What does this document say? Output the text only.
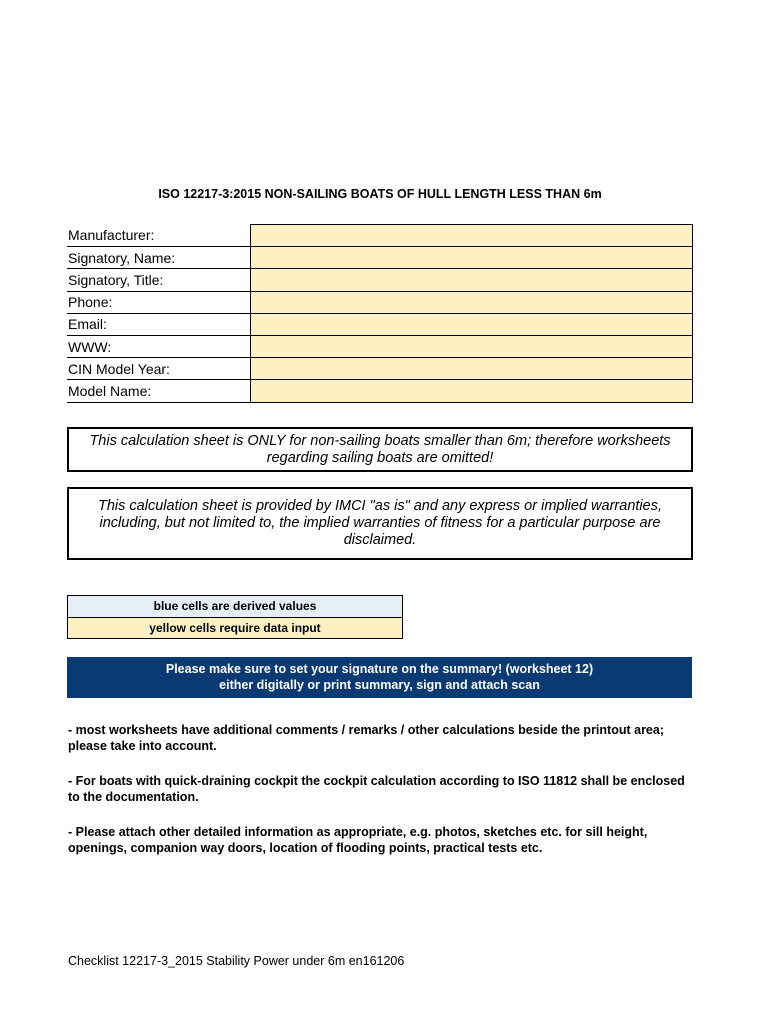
ISO 12217-3:2015 NON-SAILING BOATS OF HULL LENGTH LESS THAN 6m
Manufacturer:	
Signatory, Name:	
Signatory, Title:	
Phone:	
Email:	
WWW:	
CIN Model Year:	
Model Name:	
This calculation sheet is ONLY for non-sailing boats smaller than 6m; therefore worksheets regarding sailing boats are omitted!
This calculation sheet is provided by IMCI "as is" and any express or implied warranties, including, but not limited to, the implied warranties of fitness for a particular purpose are disclaimed.
blue cells are derived values
yellow cells require data input
Please make sure to set your signature on the summary! (worksheet 12)
either digitally or print summary, sign and attach scan
- most worksheets have additional comments / remarks / other calculations beside the printout area; please take into account.
- For boats with quick-draining cockpit the cockpit calculation according to ISO 11812 shall be enclosed to the documentation.
- Please attach other detailed information as appropriate, e.g. photos, sketches etc. for sill height, openings, companion way doors, location of flooding points, practical tests etc.
Checklist 12217-3_2015 Stability Power under 6m en161206
